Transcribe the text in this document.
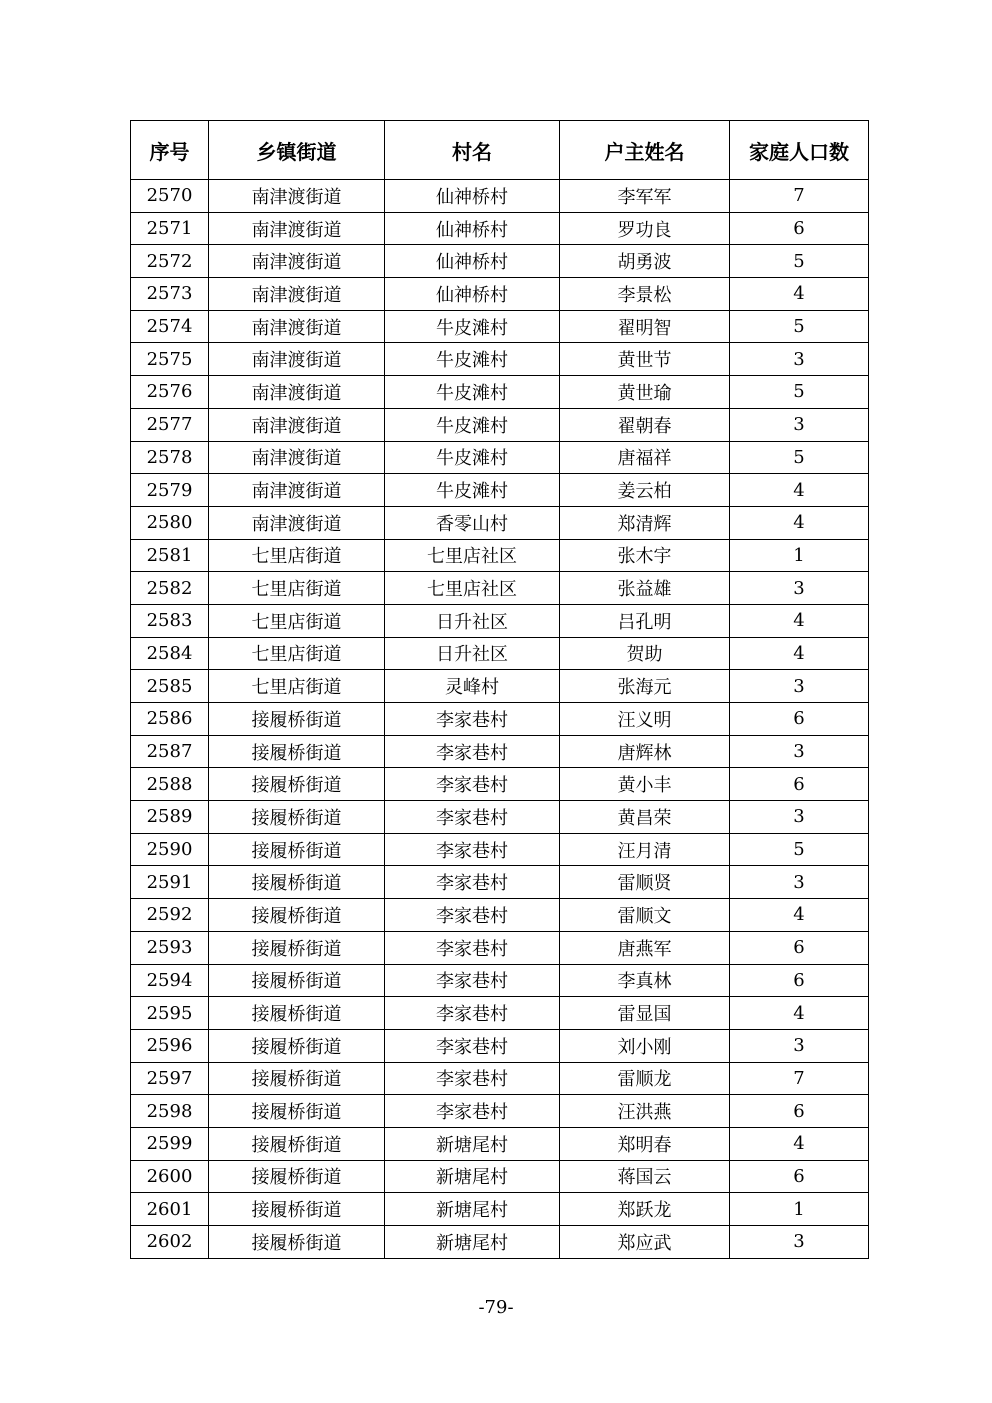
序号	乡镇街道	村名	户主姓名	家庭人口数
2570	南津渡街道	仙神桥村	李军军	7
2571	南津渡街道	仙神桥村	罗功良	6
2572	南津渡街道	仙神桥村	胡勇波	5
2573	南津渡街道	仙神桥村	李景松	4
2574	南津渡街道	牛皮滩村	翟明智	5
2575	南津渡街道	牛皮滩村	黄世节	3
2576	南津渡街道	牛皮滩村	黄世瑜	5
2577	南津渡街道	牛皮滩村	翟朝春	3
2578	南津渡街道	牛皮滩村	唐福祥	5
2579	南津渡街道	牛皮滩村	姜云柏	4
2580	南津渡街道	香零山村	郑清辉	4
2581	七里店街道	七里店社区	张木宇	1
2582	七里店街道	七里店社区	张益雄	3
2583	七里店街道	日升社区	吕孔明	4
2584	七里店街道	日升社区	贺助	4
2585	七里店街道	灵峰村	张海元	3
2586	接履桥街道	李家巷村	汪义明	6
2587	接履桥街道	李家巷村	唐辉林	3
2588	接履桥街道	李家巷村	黄小丰	6
2589	接履桥街道	李家巷村	黄昌荣	3
2590	接履桥街道	李家巷村	汪月清	5
2591	接履桥街道	李家巷村	雷顺贤	3
2592	接履桥街道	李家巷村	雷顺文	4
2593	接履桥街道	李家巷村	唐燕军	6
2594	接履桥街道	李家巷村	李真林	6
2595	接履桥街道	李家巷村	雷显国	4
2596	接履桥街道	李家巷村	刘小刚	3
2597	接履桥街道	李家巷村	雷顺龙	7
2598	接履桥街道	李家巷村	汪洪燕	6
2599	接履桥街道	新塘尾村	郑明春	4
2600	接履桥街道	新塘尾村	蒋国云	6
2601	接履桥街道	新塘尾村	郑跃龙	1
2602	接履桥街道	新塘尾村	郑应武	3
-79-
